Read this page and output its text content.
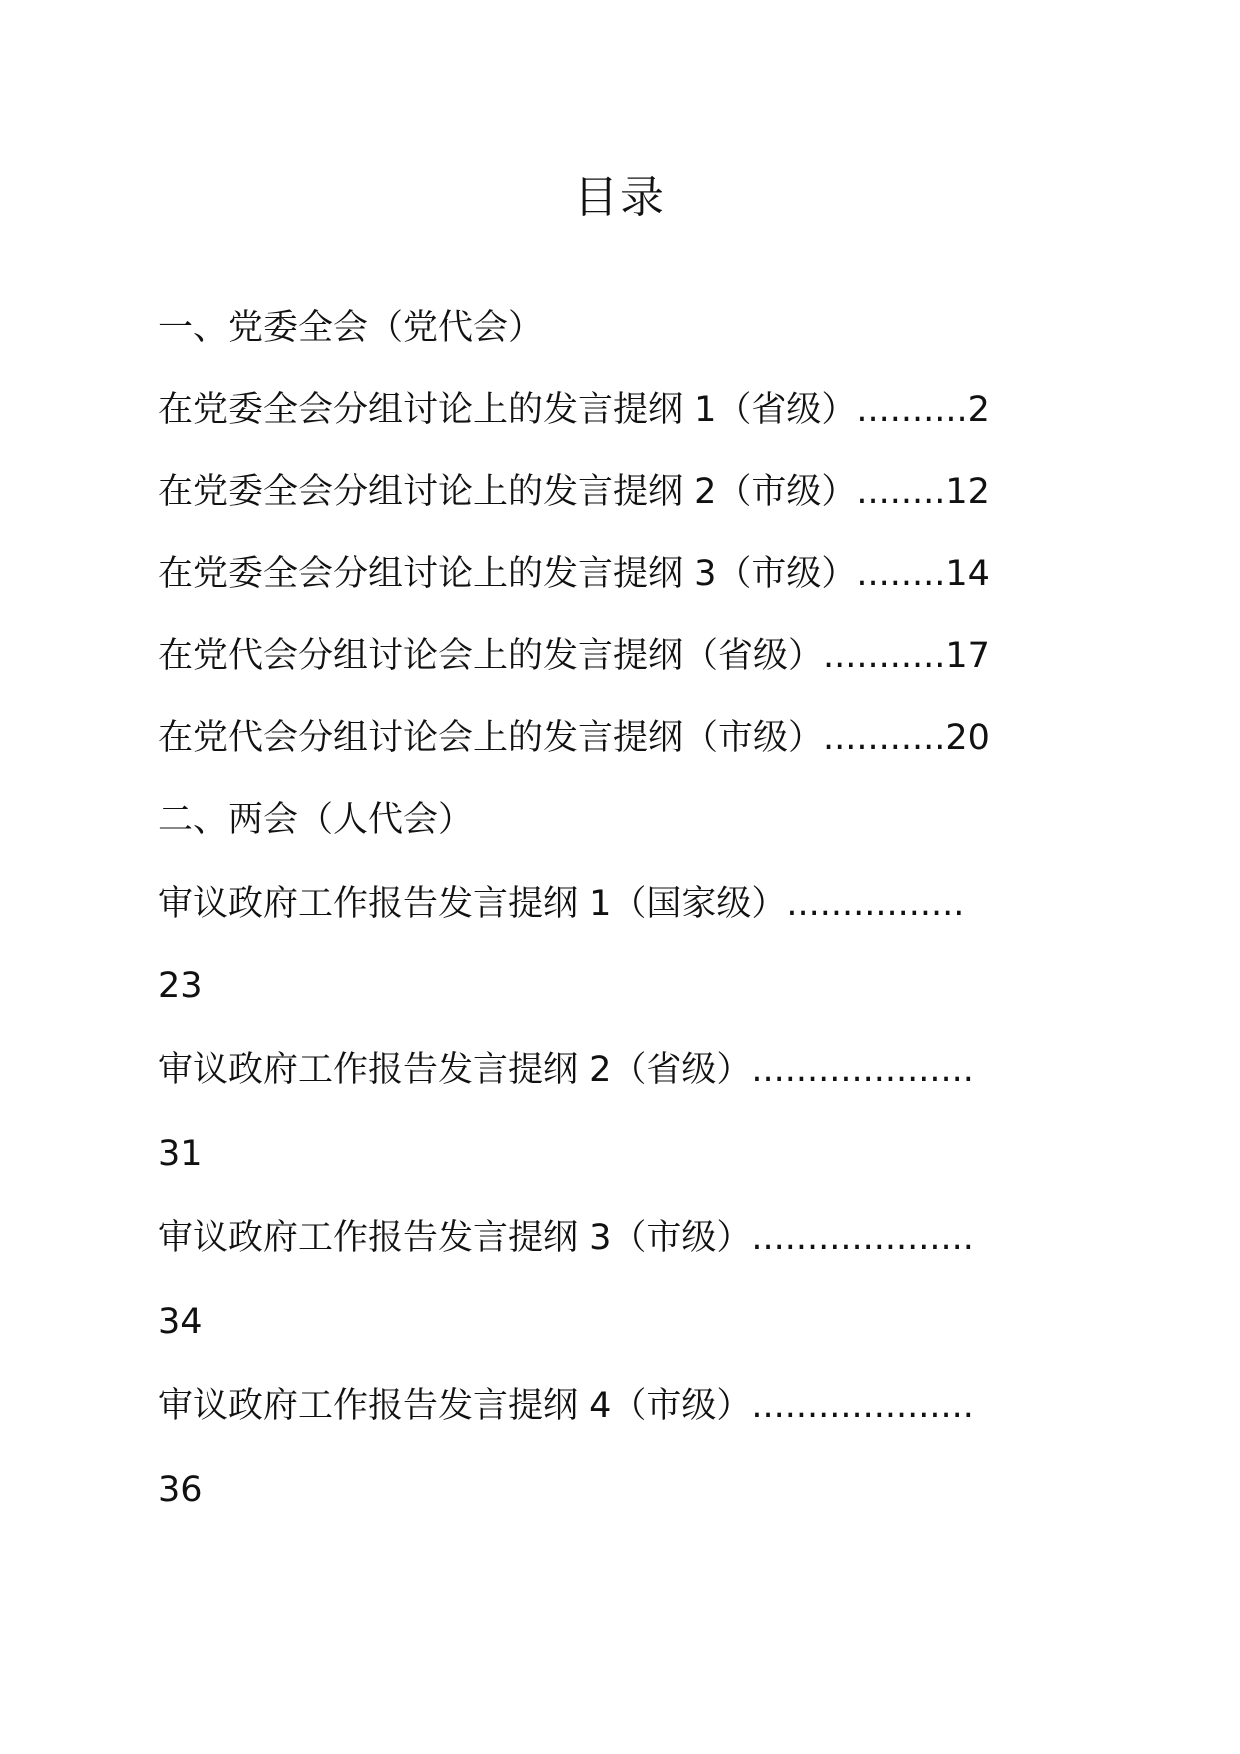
目录
一、党委全会（党代会）
在党委全会分组讨论上的发言提纲 1（省级）..........2
在党委全会分组讨论上的发言提纲 2（市级）........12
在党委全会分组讨论上的发言提纲 3（市级）........14
在党代会分组讨论会上的发言提纲（省级）...........17
在党代会分组讨论会上的发言提纲（市级）...........20
二、两会（人代会）
审议政府工作报告发言提纲 1（国家级）................
23
审议政府工作报告发言提纲 2（省级）....................
31
审议政府工作报告发言提纲 3（市级）....................
34
审议政府工作报告发言提纲 4（市级）....................
36
